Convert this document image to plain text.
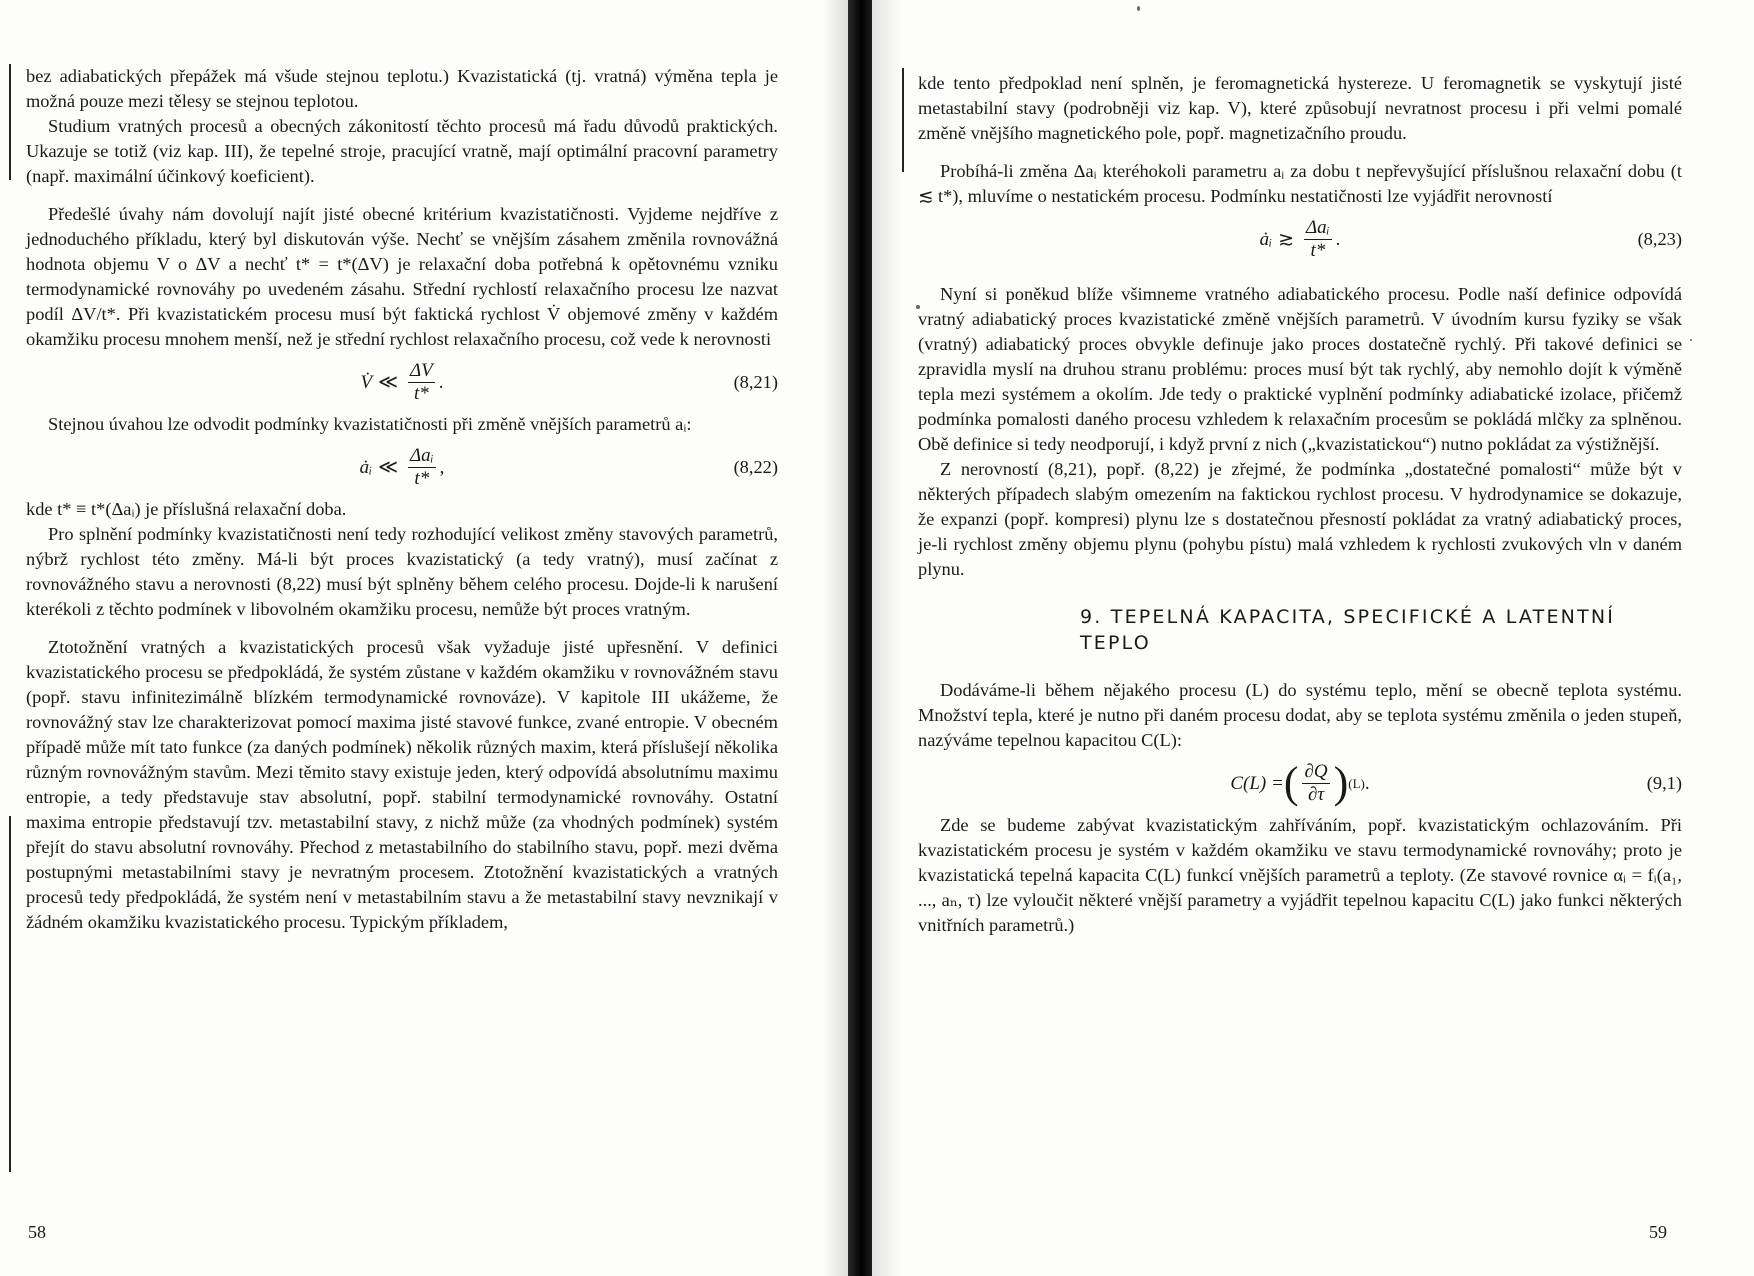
bez adiabatických přepážek má všude stejnou teplotu.) Kvazistatická (tj. vratná) výměna tepla je možná pouze mezi tělesy se stejnou teplotou.

Studium vratných procesů a obecných zákonitostí těchto procesů má řadu důvodů praktických. Ukazuje se totiž (viz kap. III), že tepelné stroje, pracující vratně, mají optimální pracovní parametry (např. maximální účinkový koeficient).

Předešlé úvahy nám dovolují najít jisté obecné kritérium kvazistatičnosti. Vyjdeme nejdříve z jednoduchého příkladu, který byl diskutován výše. Nechť se vnějším zásahem změnila rovnovážná hodnota objemu V o ΔV a nechť t* = t*(ΔV) je relaxační doba potřebná k opětovnému vzniku termodynamické rovnováhy po uvedeném zásahu. Střední rychlostí relaxačního procesu lze nazvat podíl ΔV/t*. Při kvazistatickém procesu musí být faktická rychlost V̇ objemové změny v každém okamžiku procesu mnohem menší, než je střední rychlost relaxačního procesu, což vede k nerovnosti

V̇ ≪ $\frac{\Delta V}{t*}$ .	(8,21)

Stejnou úvahou lze odvodit podmínky kvazistatičnosti při změně vnějších parametrů aᵢ:

ȧᵢ ≪ $\frac{\text{Δaᵢ}}{t*}$ ,	(8,22)

kde t* ≡ t*(Δaᵢ) je příslušná relaxační doba.

Pro splnění podmínky kvazistatičnosti není tedy rozhodující velikost změny stavových parametrů, nýbrž rychlost této změny. Má-li být proces kvazistatický (a tedy vratný), musí začínat z rovnovážného stavu a nerovnosti (8,22) musí být splněny během celého procesu. Dojde-li k narušení kterékoli z těchto podmínek v libovolném okamžiku procesu, nemůže být proces vratným.

Ztotožnění vratných a kvazistatických procesů však vyžaduje jisté upřesnění. V definici kvazistatického procesu se předpokládá, že systém zůstane v každém okamžiku v rovnovážném stavu (popř. stavu infinitezimálně blízkém termodynamické rovnováze). V kapitole III ukážeme, že rovnovážný stav lze charakterizovat pomocí maxima jisté stavové funkce, zvané entropie. V obecném případě může mít tato funkce (za daných podmínek) několik různých maxim, která příslušejí několika různým rovnovážným stavům. Mezi těmito stavy existuje jeden, který odpovídá absolutnímu maximu entropie, a tedy představuje stav absolutní, popř. stabilní termodynamické rovnováhy. Ostatní maxima entropie představují tzv. metastabilní stavy, z nichž může (za vhodných podmínek) systém přejít do stavu absolutní rovnováhy. Přechod z metastabilního do stabilního stavu, popř. mezi dvěma postupnými metastabilními stavy je nevratným procesem. Ztotožnění kvazistatických a vratných procesů tedy předpokládá, že systém není v metastabilním stavu a že metastabilní stavy nevznikají v žádném okamžiku kvazistatického procesu. Typickým příkladem,

kde tento předpoklad není splněn, je feromagnetická hystereze. U feromagnetik se vyskytují jisté metastabilní stavy (podrobněji viz kap. V), které způsobují nevratnost procesu i při velmi pomalé změně vnějšího magnetického pole, popř. magnetizačního proudu.

Probíhá-li změna Δaᵢ kteréhokoli parametru aᵢ za dobu t nepřevyšující příslušnou relaxační dobu (t ≲ t*), mluvíme o nestatickém procesu. Podmínku nestatičnosti lze vyjádřit nerovností

ȧᵢ ≳ $\frac{\text{Δaᵢ}}{t*}$ .	(8,23)

Nyní si poněkud blíže všimneme vratného adiabatického procesu. Podle naší definice odpovídá vratný adiabatický proces kvazistatické změně vnějších parametrů. V úvodním kursu fyziky se však (vratný) adiabatický proces obvykle definuje jako proces dostatečně rychlý. Při takové definici se zpravidla myslí na druhou stranu problému: proces musí být tak rychlý, aby nemohlo dojít k výměně tepla mezi systémem a okolím. Jde tedy o praktické vyplnění podmínky adiabatické izolace, přičemž podmínka pomalosti daného procesu vzhledem k relaxačním procesům se pokládá mlčky za splněnou. Obě definice si tedy neodporují, i když první z nich („kvazistatickou“) nutno pokládat za výstižnější.

Z nerovností (8,21), popř. (8,22) je zřejmé, že podmínka „dostatečné pomalosti“ může být v některých případech slabým omezením na faktickou rychlost procesu. V hydrodynamice se dokazuje, že expanzi (popř. kompresi) plynu lze s dostatečnou přesností pokládat za vratný adiabatický proces, je-li rychlost změny objemu plynu (pohybu pístu) malá vzhledem k rychlosti zvukových vln v daném plynu.

9. TEPELNÁ KAPACITA, SPECIFICKÉ A LATENTNÍ TEPLO

Dodáváme-li během nějakého procesu (L) do systému teplo, mění se obecně teplota systému. Množství tepla, které je nutno při daném procesu dodat, aby se teplota systému změnila o jeden stupeň, nazýváme tepelnou kapacitou C(L):

C(L) = ( $\frac{\partial Q}{\partial\tau}$ ) (L) .	(9,1)

Zde se budeme zabývat kvazistatickým zahříváním, popř. kvazistatickým ochlazováním. Při kvazistatickém procesu je systém v každém okamžiku ve stavu termodynamické rovnováhy; proto je kvazistatická tepelná kapacita C(L) funkcí vnějších parametrů a teploty. (Ze stavové rovnice αᵢ = fᵢ(a₁, ..., aₙ, τ) lze vyloučit některé vnější parametry a vyjádřit tepelnou kapacitu C(L) jako funkci některých vnitřních parametrů.)

58	59
